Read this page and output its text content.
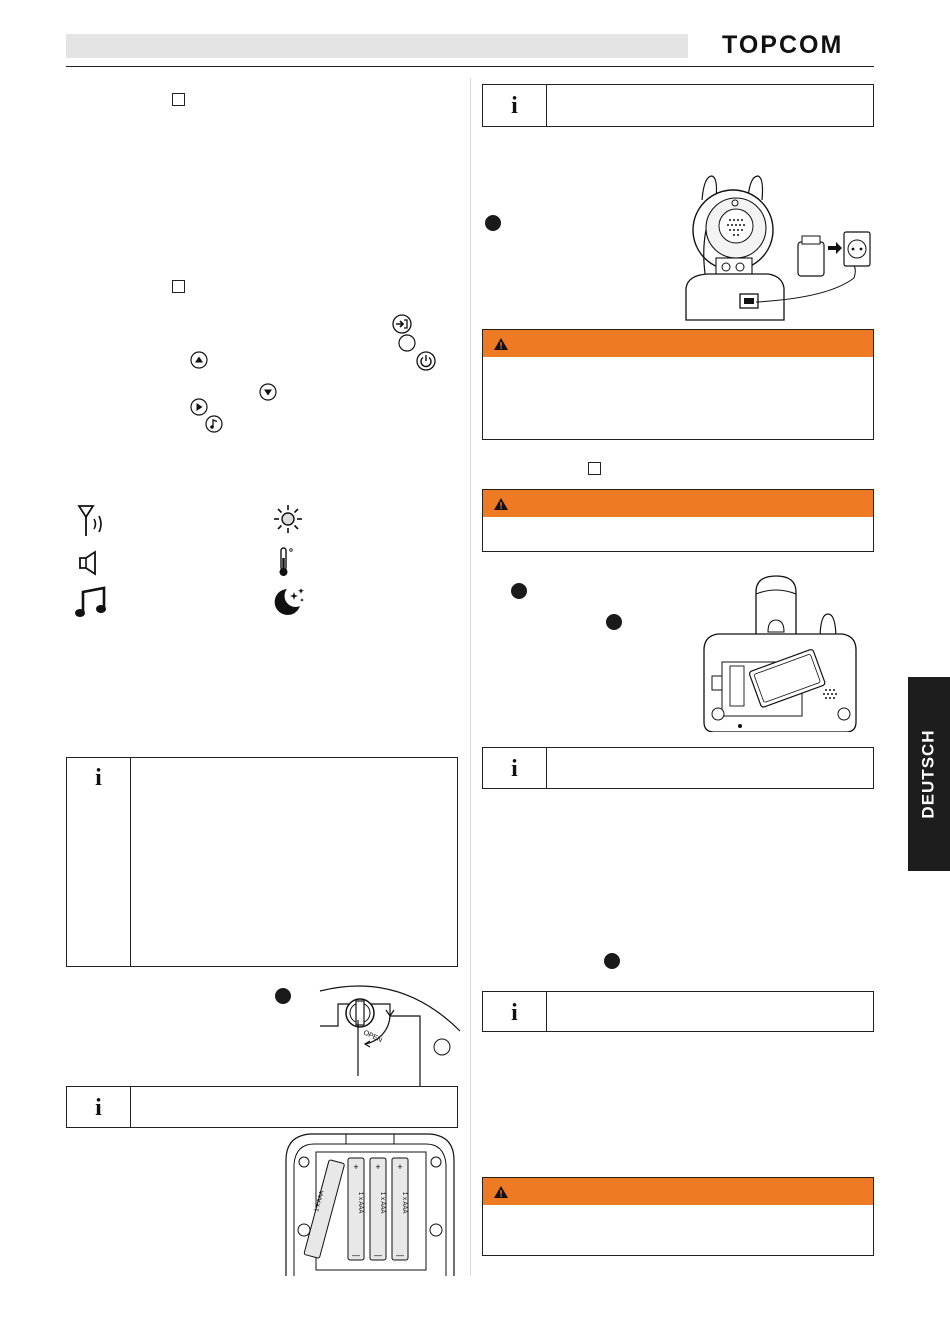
TOPCOM
i
OPEN
i
+ + +
— — —
1 x AAA	1 x AAA	1 x AAA
1 x AAA
i
i
i
DEUTSCH
